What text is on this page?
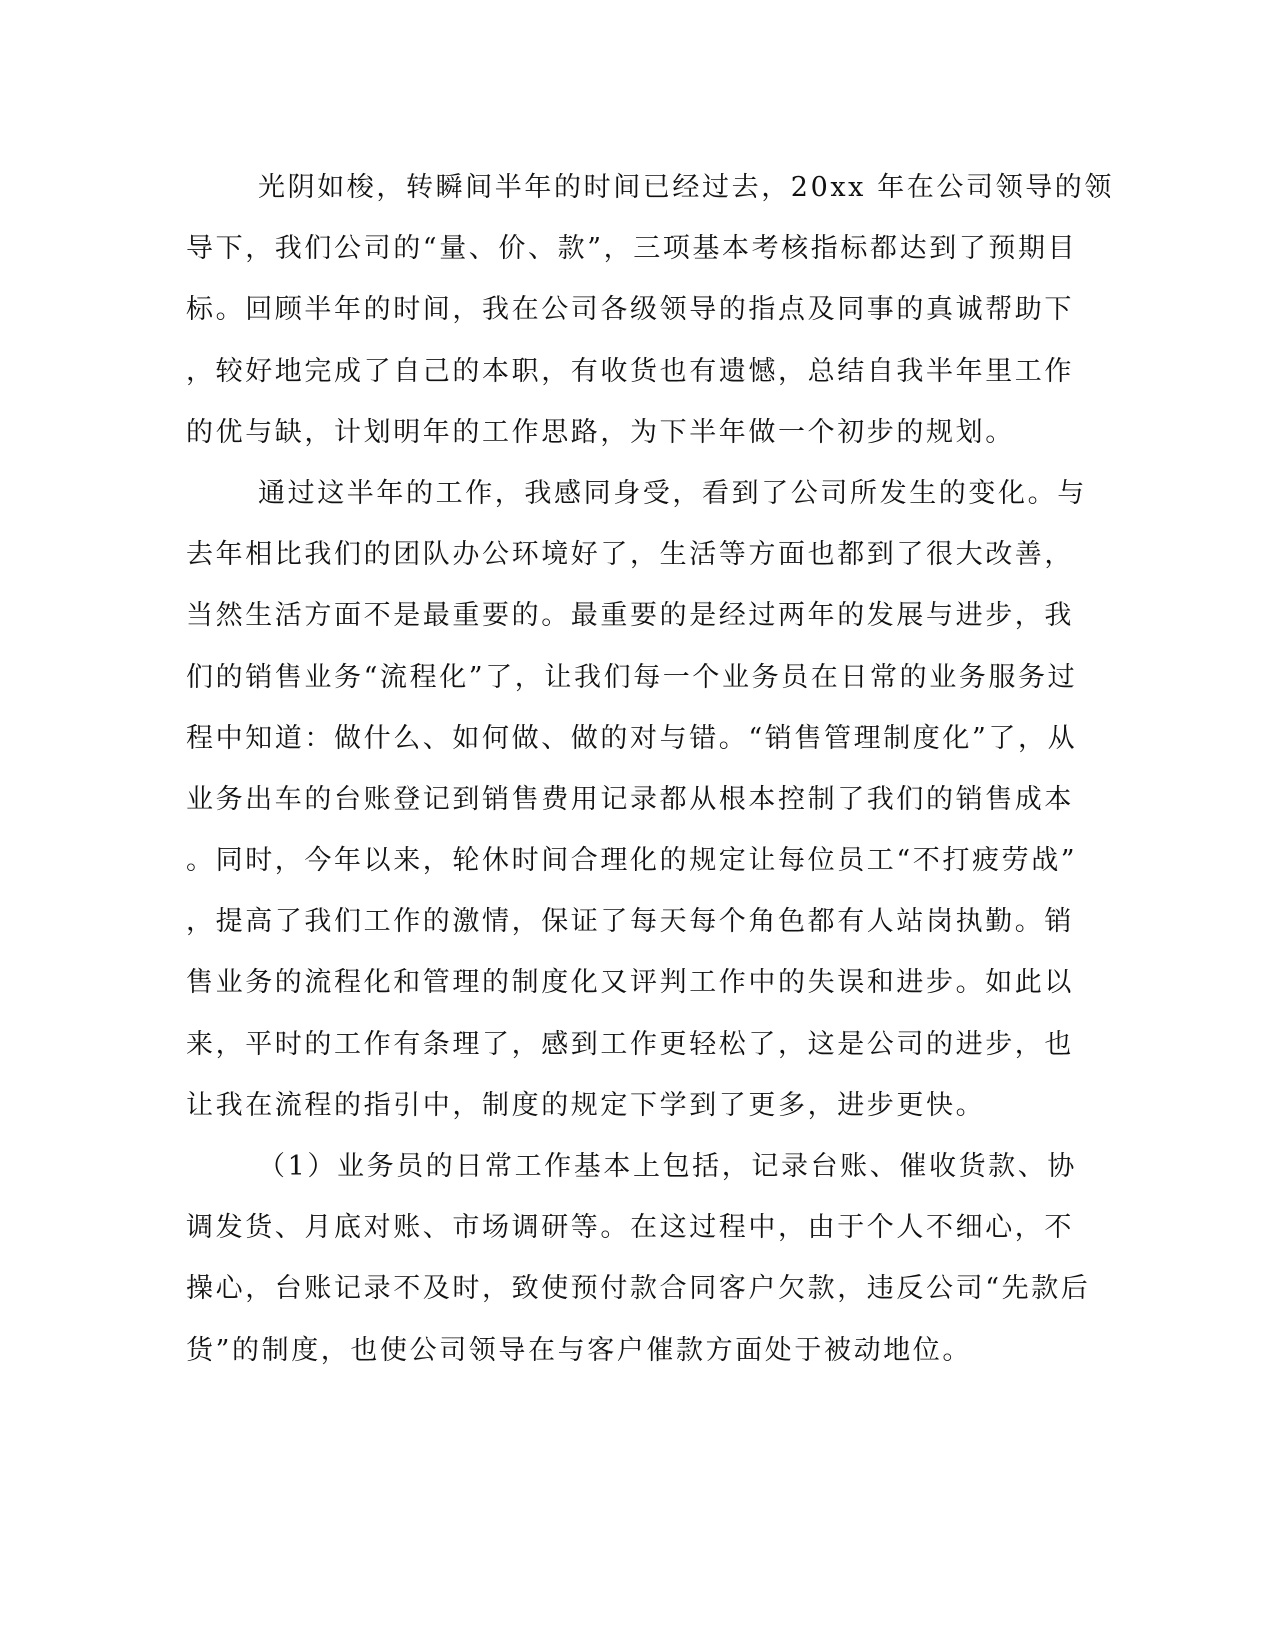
光阴如梭，转瞬间半年的时间已经过去，20xx 年在公司领导的领

导下，我们公司的“量、价、款”，三项基本考核指标都达到了预期目

标。回顾半年的时间，我在公司各级领导的指点及同事的真诚帮助下

，较好地完成了自己的本职，有收货也有遗憾，总结自我半年里工作

的优与缺，计划明年的工作思路，为下半年做一个初步的规划。

通过这半年的工作，我感同身受，看到了公司所发生的变化。与

去年相比我们的团队办公环境好了，生活等方面也都到了很大改善，

当然生活方面不是最重要的。最重要的是经过两年的发展与进步，我

们的销售业务“流程化”了，让我们每一个业务员在日常的业务服务过

程中知道：做什么、如何做、做的对与错。“销售管理制度化”了，从

业务出车的台账登记到销售费用记录都从根本控制了我们的销售成本

。同时，今年以来，轮休时间合理化的规定让每位员工“不打疲劳战”

，提高了我们工作的激情，保证了每天每个角色都有人站岗执勤。销

售业务的流程化和管理的制度化又评判工作中的失误和进步。如此以

来，平时的工作有条理了，感到工作更轻松了，这是公司的进步，也

让我在流程的指引中，制度的规定下学到了更多，进步更快。

（1）业务员的日常工作基本上包括，记录台账、催收货款、协

调发货、月底对账、市场调研等。在这过程中，由于个人不细心，不

操心，台账记录不及时，致使预付款合同客户欠款，违反公司“先款后

货”的制度，也使公司领导在与客户催款方面处于被动地位。
